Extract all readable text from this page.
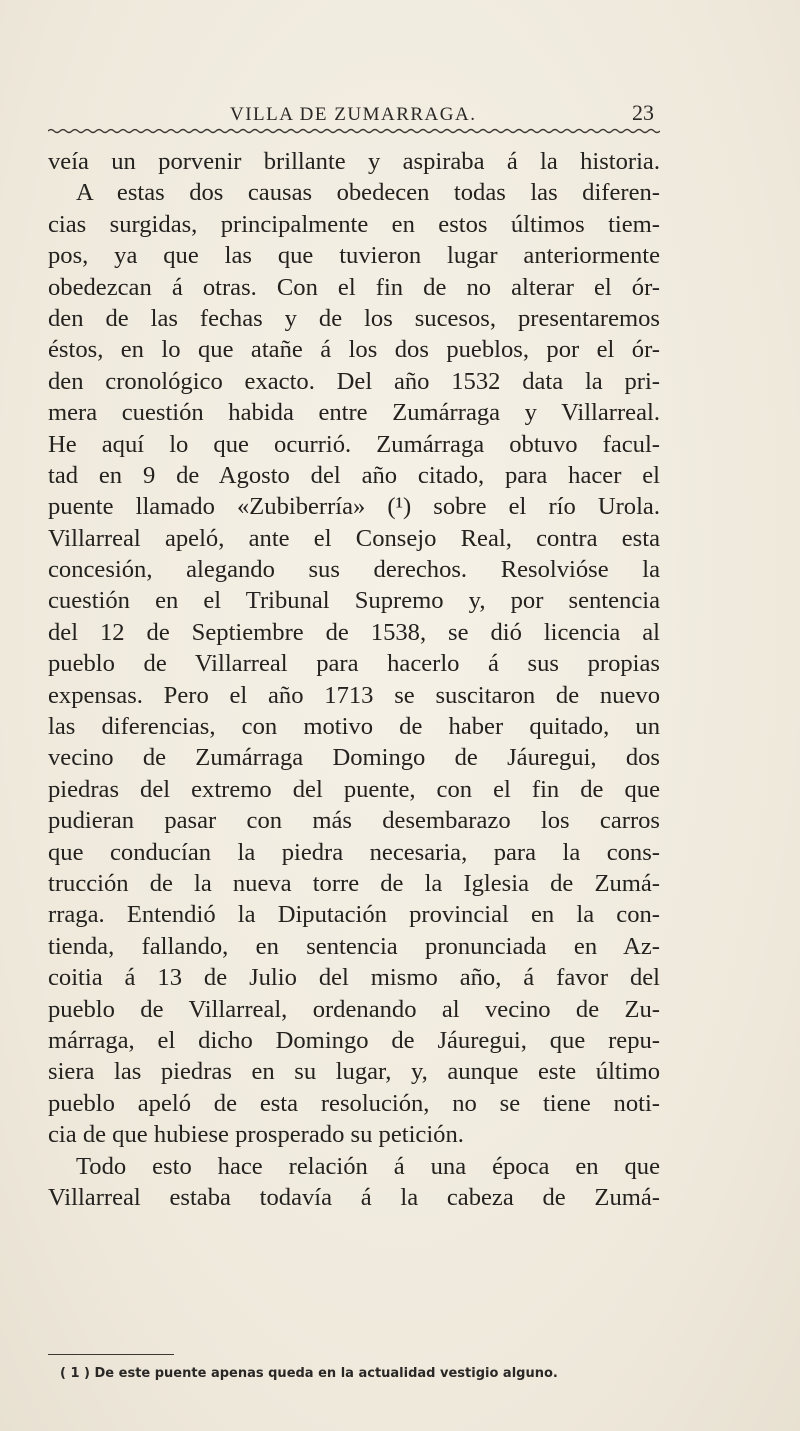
VILLA DE ZUMARRAGA.	23
veía un porvenir brillante y aspiraba á la historia.
A estas dos causas obedecen todas las diferen-
cias surgidas, principalmente en estos últimos tiem-
pos, ya que las que tuvieron lugar anteriormente
obedezcan á otras. Con el fin de no alterar el ór-
den de las fechas y de los sucesos, presentaremos
éstos, en lo que atañe á los dos pueblos, por el ór-
den cronológico exacto. Del año 1532 data la pri-
mera cuestión habida entre Zumárraga y Villarreal.
He aquí lo que ocurrió. Zumárraga obtuvo facul-
tad en 9 de Agosto del año citado, para hacer el
puente llamado «Zubiberría» (¹) sobre el río Urola.
Villarreal apeló, ante el Consejo Real, contra esta
concesión, alegando sus derechos. Resolvióse la
cuestión en el Tribunal Supremo y, por sentencia
del 12 de Septiembre de 1538, se dió licencia al
pueblo de Villarreal para hacerlo á sus propias
expensas. Pero el año 1713 se suscitaron de nuevo
las diferencias, con motivo de haber quitado, un
vecino de Zumárraga Domingo de Jáuregui, dos
piedras del extremo del puente, con el fin de que
pudieran pasar con más desembarazo los carros
que conducían la piedra necesaria, para la cons-
trucción de la nueva torre de la Iglesia de Zumá-
rraga. Entendió la Diputación provincial en la con-
tienda, fallando, en sentencia pronunciada en Az-
coitia á 13 de Julio del mismo año, á favor del
pueblo de Villarreal, ordenando al vecino de Zu-
márraga, el dicho Domingo de Jáuregui, que repu-
siera las piedras en su lugar, y, aunque este último
pueblo apeló de esta resolución, no se tiene noti-
cia de que hubiese prosperado su petición.
Todo esto hace relación á una época en que
Villarreal estaba todavía á la cabeza de Zumá-
( 1 ) De este puente apenas queda en la actualidad vestigio alguno.
